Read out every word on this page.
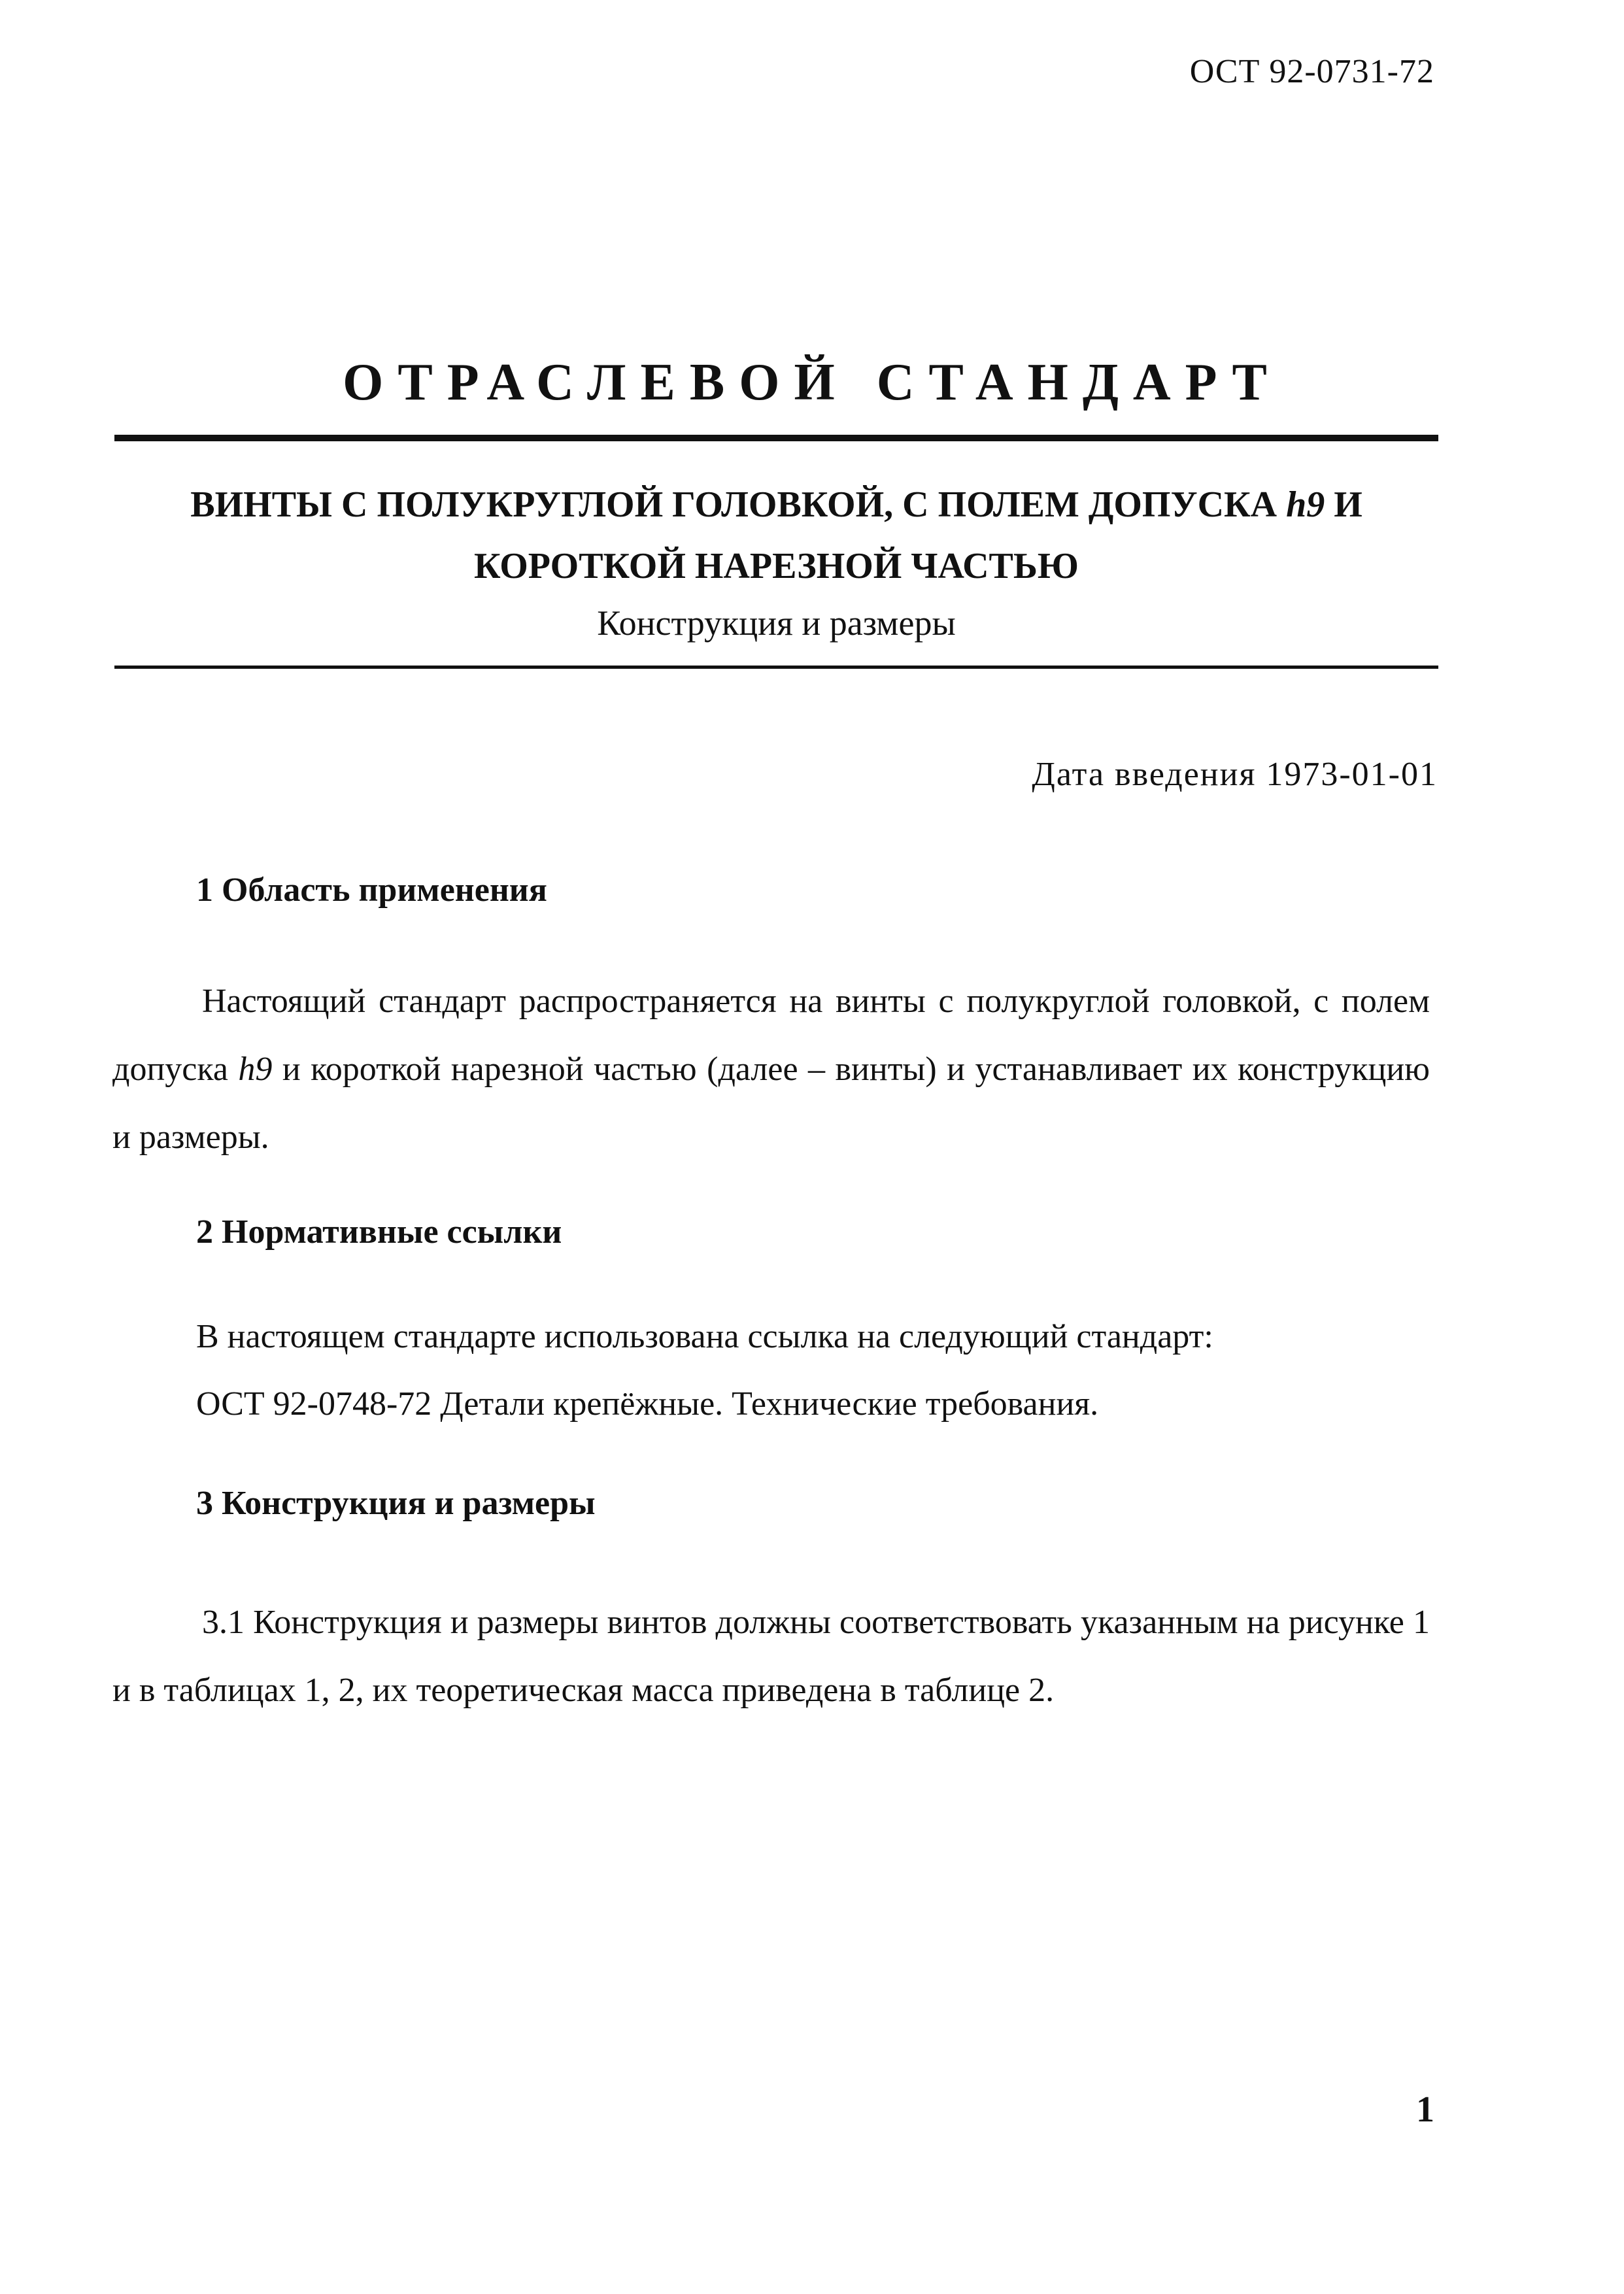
ОСТ 92-0731-72
ОТРАСЛЕВОЙ СТАНДАРТ
ВИНТЫ С ПОЛУКРУГЛОЙ ГОЛОВКОЙ, С ПОЛЕМ ДОПУСКА h9 И КОРОТКОЙ НАРЕЗНОЙ ЧАСТЬЮ
Конструкция и размеры
Дата введения 1973-01-01
1 Область применения
Настоящий стандарт распространяется на винты с полукруглой головкой, с полем допуска h9 и короткой нарезной частью (далее – винты) и устанавливает их конструкцию и размеры.
2 Нормативные ссылки
В настоящем стандарте использована ссылка на следующий стандарт:
ОСТ 92-0748-72 Детали крепёжные. Технические требования.
3 Конструкция и размеры
3.1 Конструкция и размеры винтов должны соответствовать указанным на рисунке 1 и в таблицах 1, 2, их теоретическая масса приведена в таблице 2.
1
